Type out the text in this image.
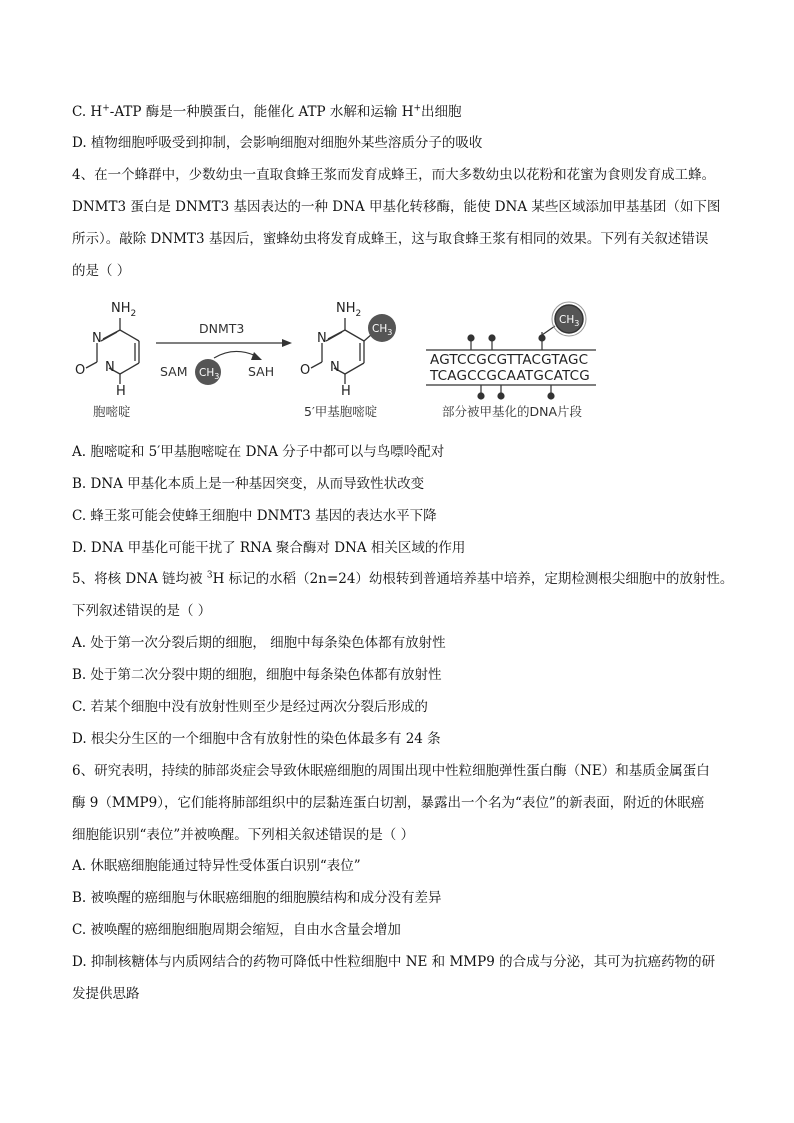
C. H+-ATP 酶是一种膜蛋白，能催化 ATP 水解和运输 H+出细胞
D. 植物细胞呼吸受到抑制，会影响细胞对细胞外某些溶质分子的吸收
4、在一个蜂群中，少数幼虫一直取食蜂王浆而发育成蜂王，而大多数幼虫以花粉和花蜜为食则发育成工蜂。
DNMT3 蛋白是 DNMT3 基因表达的一种 DNA 甲基化转移酶，能使 DNA 某些区域添加甲基基团（如下图
所示）。敲除 DNMT3 基因后，蜜蜂幼虫将发育成蜂王，这与取食蜂王浆有相同的效果。下列有关叙述错误
的是（ ）
$NH_2$
N
N
O
H
胞嘧啶
DNMT3
SAM $CH_3$ SAH
$NH_2$
N
N
O
H
$CH_3$
5′甲基胞嘧啶
$CH_3$
AGTCCGCGTTACGTAGC
TCAGCCGCAATGCATCG
部分被甲基化的DNA片段
A. 胞嘧啶和 5′甲基胞嘧啶在 DNA 分子中都可以与鸟嘌呤配对
B. DNA 甲基化本质上是一种基因突变，从而导致性状改变
C. 蜂王浆可能会使蜂王细胞中 DNMT3 基因的表达水平下降
D. DNA 甲基化可能干扰了 RNA 聚合酶对 DNA 相关区域的作用
5、将核 DNA 链均被 $^3$H 标记的水稻（2n=24）幼根转到普通培养基中培养，定期检测根尖细胞中的放射性。
下列叙述错误的是（ ）
A. 处于第一次分裂后期的细胞， 细胞中每条染色体都有放射性
B. 处于第二次分裂中期的细胞，细胞中每条染色体都有放射性
C. 若某个细胞中没有放射性则至少是经过两次分裂后形成的
D. 根尖分生区的一个细胞中含有放射性的染色体最多有 24 条
6、研究表明，持续的肺部炎症会导致休眠癌细胞的周围出现中性粒细胞弹性蛋白酶（NE）和基质金属蛋白
酶 9（MMP9），它们能将肺部组织中的层黏连蛋白切割，暴露出一个名为“表位”的新表面，附近的休眠癌
细胞能识别“表位”并被唤醒。下列相关叙述错误的是（ ）
A. 休眠癌细胞能通过特异性受体蛋白识别“表位”
B. 被唤醒的癌细胞与休眠癌细胞的细胞膜结构和成分没有差异
C. 被唤醒的癌细胞细胞周期会缩短，自由水含量会增加
D. 抑制核糖体与内质网结合的药物可降低中性粒细胞中 NE 和 MMP9 的合成与分泌，其可为抗癌药物的研
发提供思路
